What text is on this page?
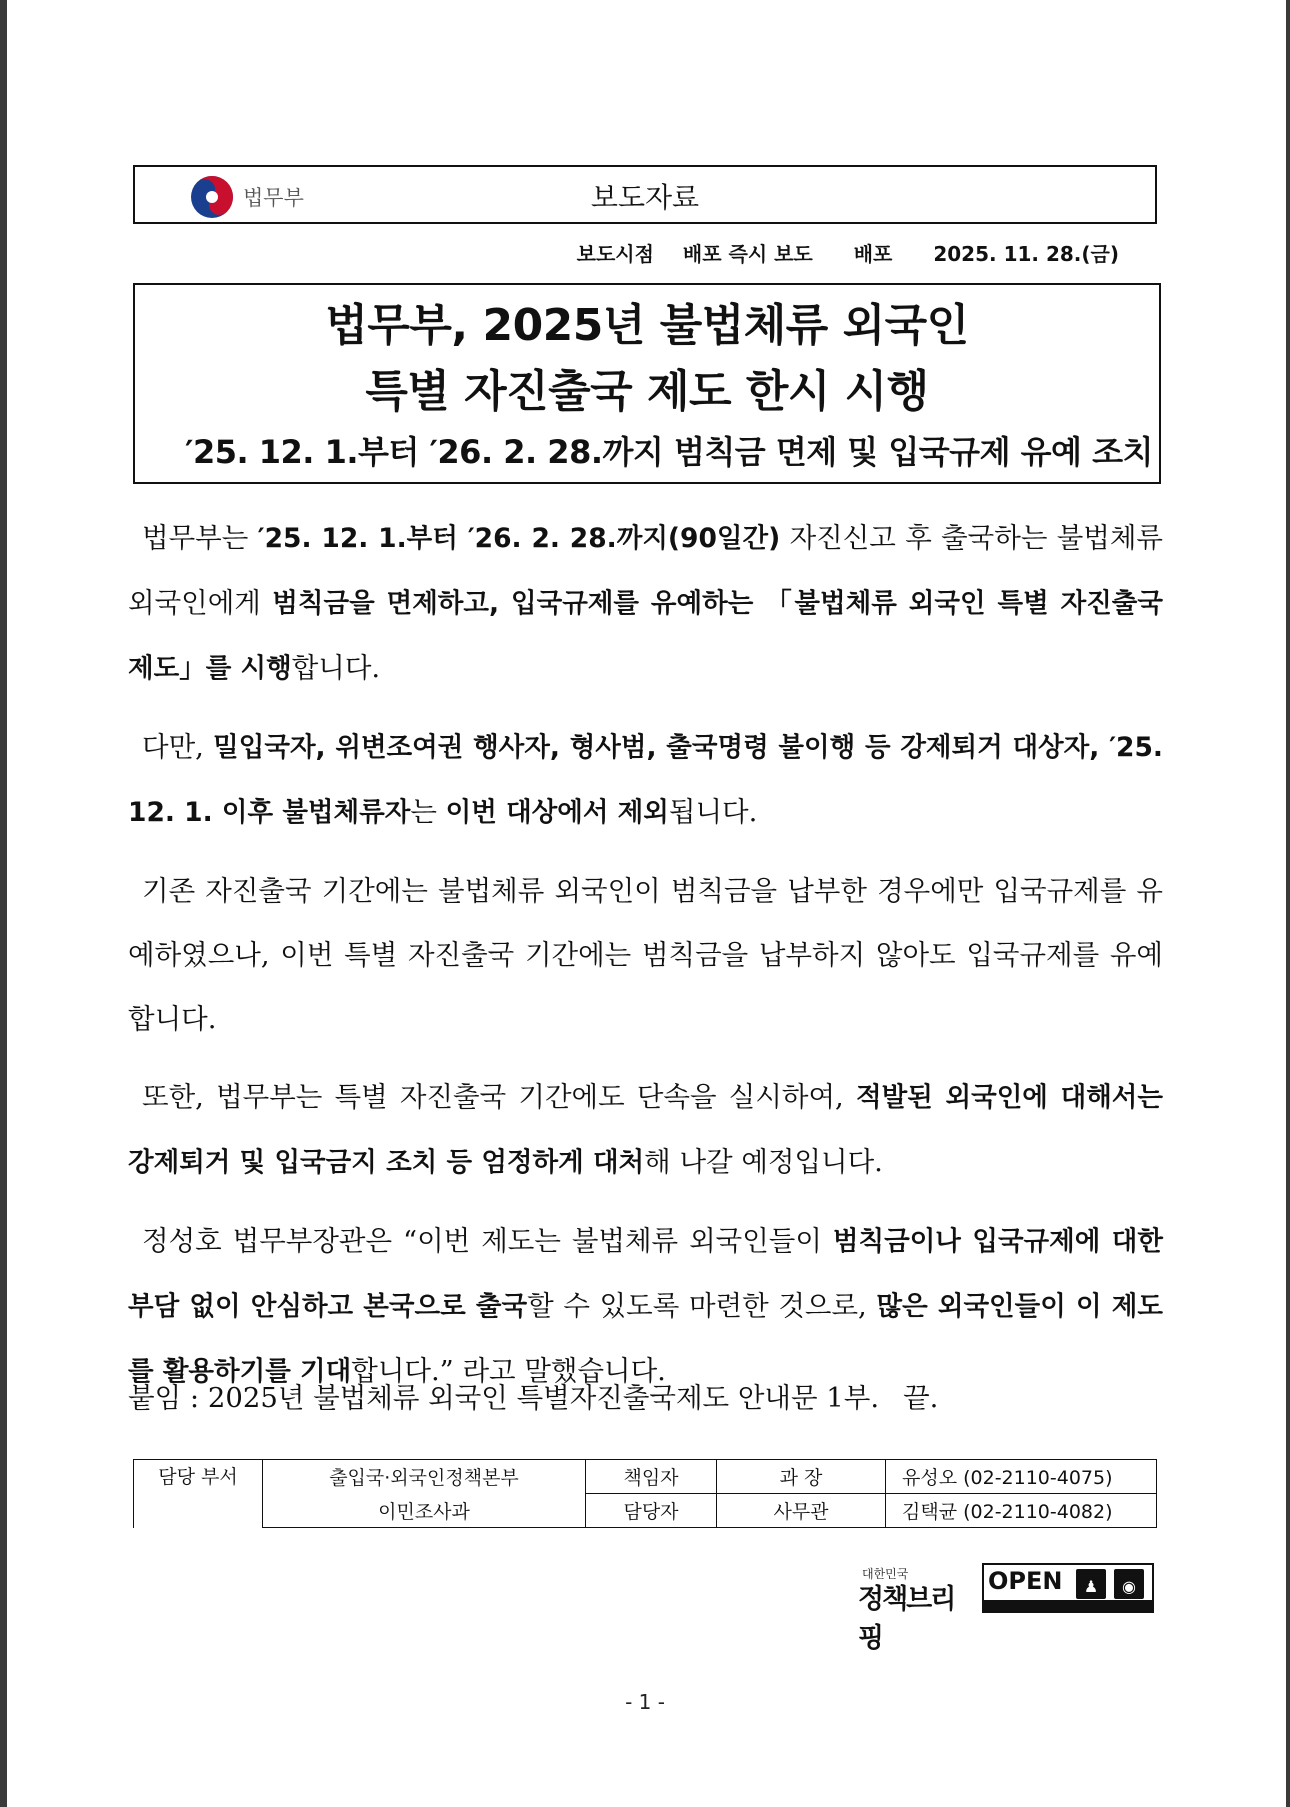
법무부	보도자료
보도시점 배포 즉시 보도 배포 2025. 11. 28.(금)
법무부, 2025년 불법체류 외국인
특별 자진출국 제도 한시 시행
′25. 12. 1.부터 ′26. 2. 28.까지 범칙금 면제 및 입국규제 유예 조치

법무부는 ′25. 12. 1.부터 ′26. 2. 28.까지(90일간) 자진신고 후 출국하는 불법체류 외국인에게 범칙금을 면제하고, 입국규제를 유예하는 「불법체류 외국인 특별 자진출국 제도」를 시행합니다.

다만, 밀입국자, 위변조여권 행사자, 형사범, 출국명령 불이행 등 강제퇴거 대상자, ′25. 12. 1. 이후 불법체류자는 이번 대상에서 제외됩니다.

기존 자진출국 기간에는 불법체류 외국인이 범칙금을 납부한 경우에만 입국규제를 유예하였으나, 이번 특별 자진출국 기간에는 범칙금을 납부하지 않아도 입국규제를 유예합니다.

또한, 법무부는 특별 자진출국 기간에도 단속을 실시하여, 적발된 외국인에 대해서는 강제퇴거 및 입국금지 조치 등 엄정하게 대처해 나갈 예정입니다.

정성호 법무부장관은 “이번 제도는 불법체류 외국인들이 범칙금이나 입국규제에 대한 부담 없이 안심하고 본국으로 출국할 수 있도록 마련한 것으로, 많은 외국인들이 이 제도를 활용하기를 기대합니다.” 라고 말했습니다.

붙임 : 2025년 불법체류 외국인 특별자진출국제도 안내문 1부. 끝.
담당 부서	출입국·외국인정책본부	책임자	과 장	유성오 (02-2110-4075)
	이민조사과	담당자	사무관	김택균 (02-2110-4082)
대한민국
정책브리핑
OPEN	♟	◉
- 1 -
